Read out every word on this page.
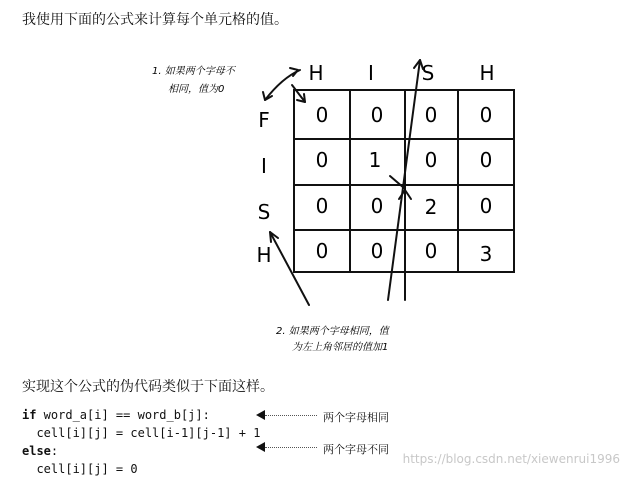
我使用下面的公式来计算每个单元格的值。
1. 如果两个字母不
相同，值为0
H I S H
F
I
S
H
0 0 0 0
0 1 0 0
0 0 2 0
0 0 0 3
2. 如果两个字母相同，值
为左上角邻居的值加1
实现这个公式的伪代码类似于下面这样。
if word_a[i] == word_b[j]:
cell[i][j] = cell[i-1][j-1] + 1
else:
cell[i][j] = 0
两个字母相同
两个字母不同
https://blog.csdn.net/xiewenrui1996
